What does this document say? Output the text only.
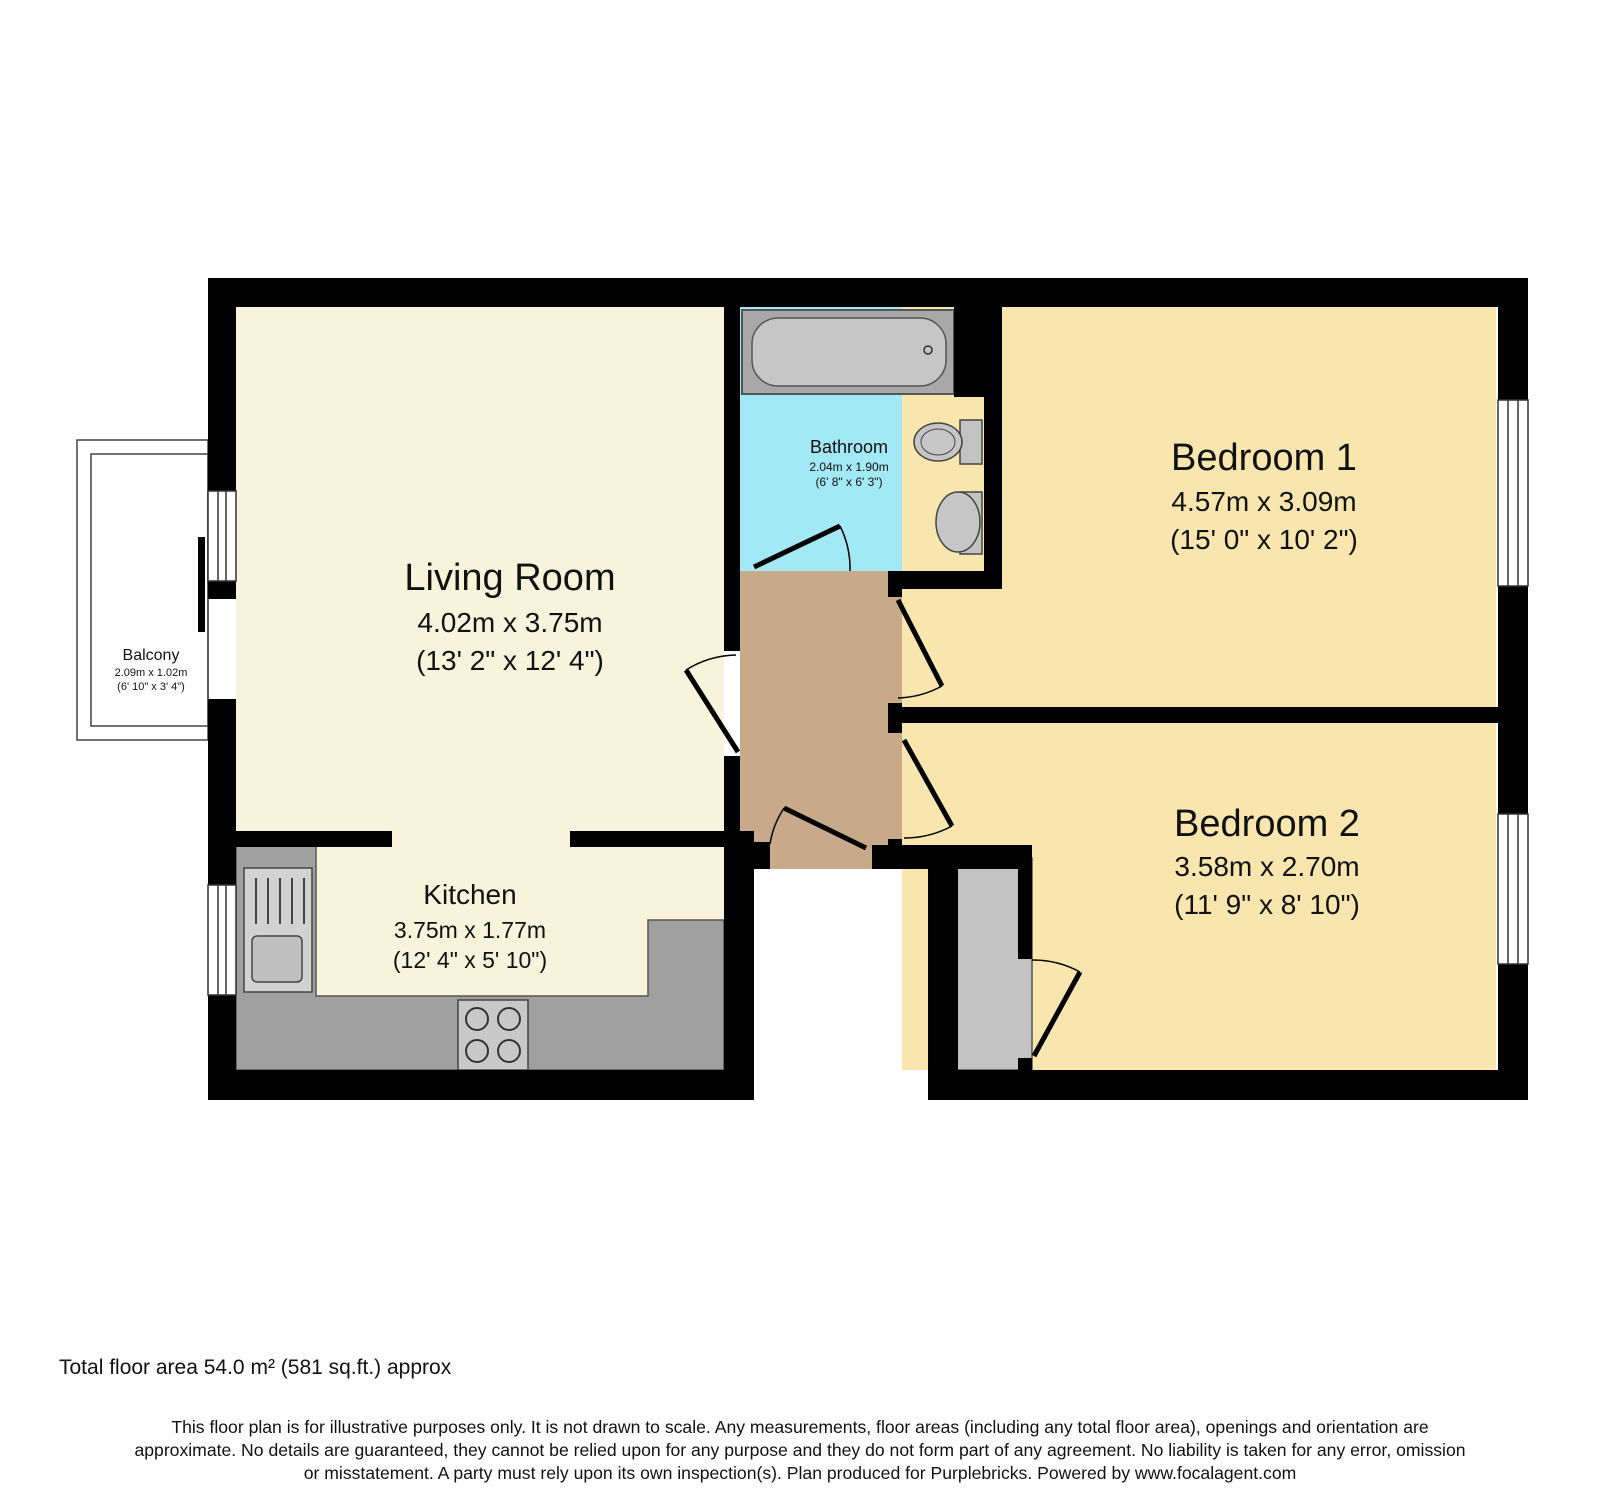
Living Room
4.02m x 3.75m
(13' 2" x 12' 4")
Kitchen
3.75m x 1.77m
(12' 4" x 5' 10")
Bathroom
2.04m x 1.90m
(6' 8" x 6' 3")
Bedroom 1
4.57m x 3.09m
(15' 0" x 10' 2")
Bedroom 2
3.58m x 2.70m
(11' 9" x 8' 10")
Balcony
2.09m x 1.02m
(6' 10" x 3' 4")
Total floor area 54.0 m² (581 sq.ft.) approx
This floor plan is for illustrative purposes only. It is not drawn to scale. Any measurements, floor areas (including any total floor area), openings and orientation are
approximate. No details are guaranteed, they cannot be relied upon for any purpose and they do not form part of any agreement. No liability is taken for any error, omission
or misstatement. A party must rely upon its own inspection(s). Plan produced for Purplebricks. Powered by www.focalagent.com
